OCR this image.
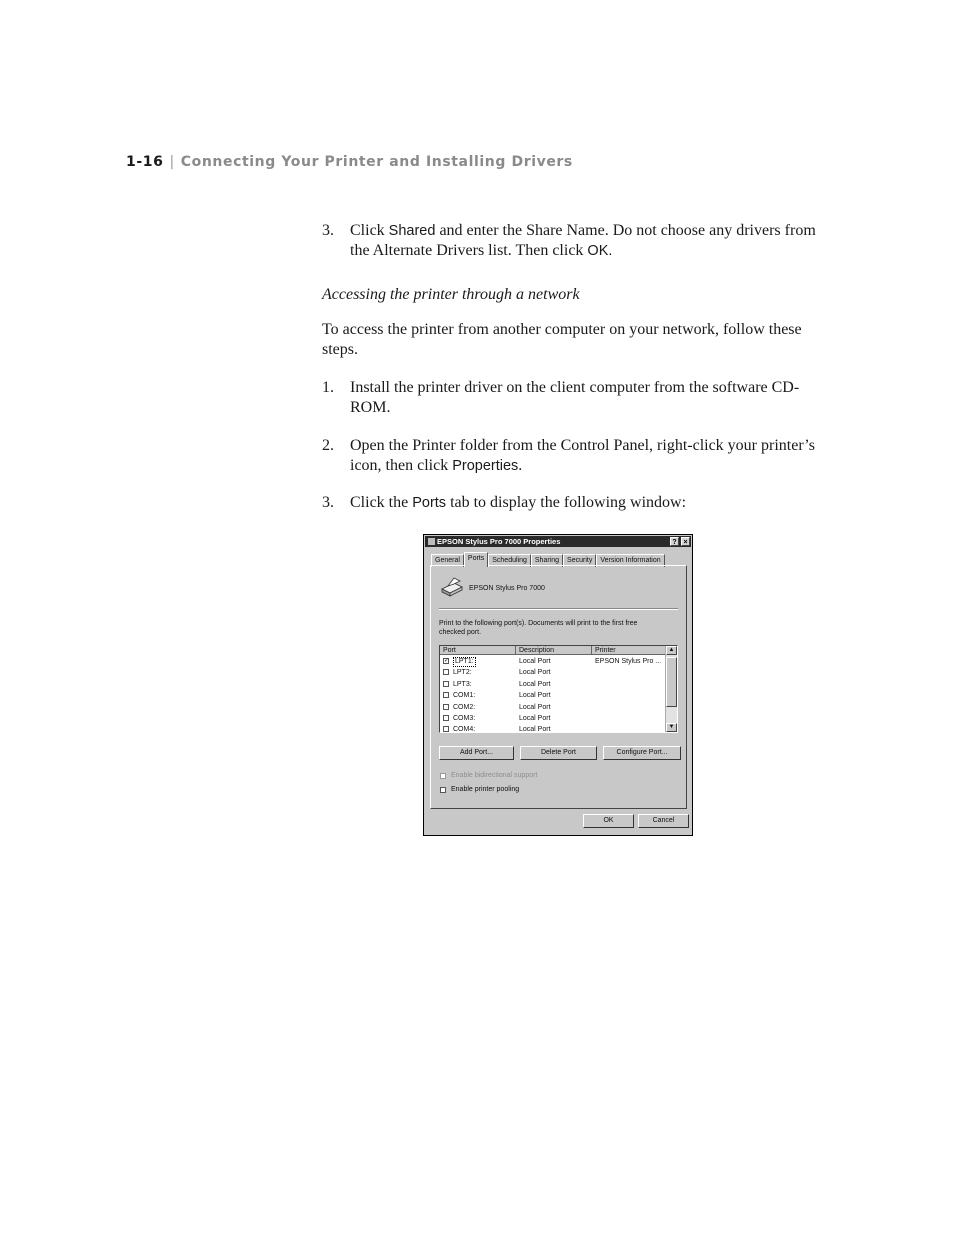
1-16 | Connecting Your Printer and Installing Drivers
3.	Click Shared and enter the Share Name. Do not choose any drivers from the Alternate Drivers list. Then click OK.
Accessing the printer through a network
To access the printer from another computer on your network, follow these steps.
1.	Install the printer driver on the client computer from the software CD-ROM.
2.	Open the Printer folder from the Control Panel, right-click your printer’s icon, then click Properties.
3.	Click the Ports tab to display the following window:
EPSON Stylus Pro 7000 Properties	? ×
General	Ports	Scheduling	Sharing	Security	Version Information
EPSON Stylus Pro 7000
Print to the following port(s). Documents will print to the first free checked port.
Port	Description	Printer
✓ LPT1:	Local Port	EPSON Stylus Pro ...
LPT2:	Local Port
LPT3:	Local Port
COM1:	Local Port
COM2:	Local Port
COM3:	Local Port
COM4:	Local Port
▲
▼
Add Port...	Delete Port	Configure Port...
Enable bidirectional support
Enable printer pooling
OK	Cancel
